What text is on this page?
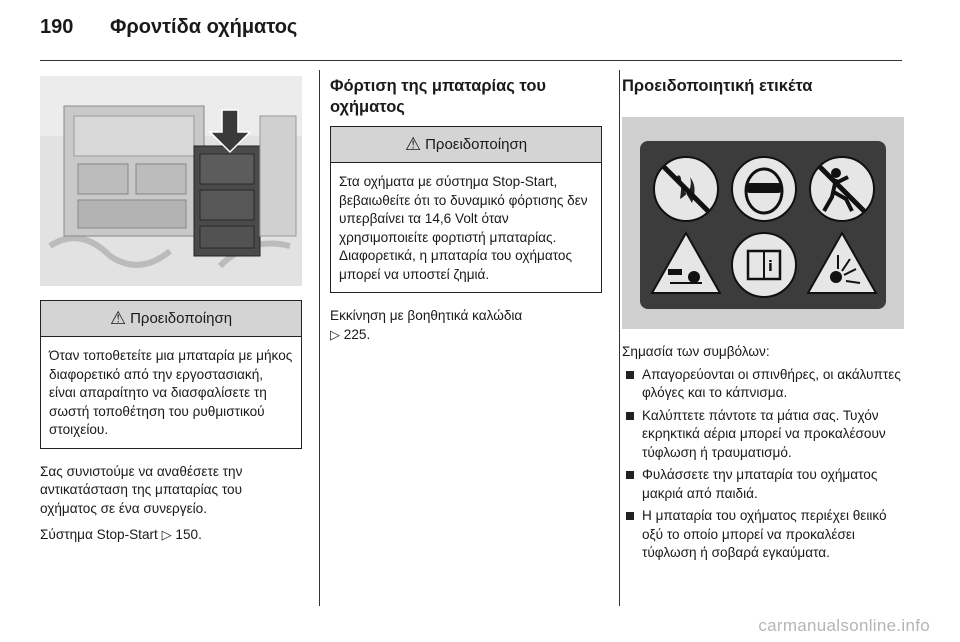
190	Φροντίδα οχήματος
⚠ Προειδοποίηση
Όταν τοποθετείτε μια μπαταρία με μήκος διαφορετικό από την εργοστασιακή, είναι απαραίτητο να διασφαλίσετε τη σωστή τοποθέτηση του ρυθμιστικού στοιχείου.

Σας συνιστούμε να αναθέσετε την αντικατάσταση της μπαταρίας του οχήματος σε ένα συνεργείο.

Σύστημα Stop-Start ▷ 150.

Φόρτιση της μπαταρίας του οχήματος
⚠ Προειδοποίηση
Στα οχήματα με σύστημα Stop-Start, βεβαιωθείτε ότι το δυναμικό φόρτισης δεν υπερβαίνει τα 14,6 Volt όταν χρησιμοποιείτε φορτιστή μπαταρίας. Διαφορετικά, η μπαταρία του οχήματος μπορεί να υποστεί ζημιά.

Εκκίνηση με βοηθητικά καλώδια
▷ 225.

Προειδοποιητική ετικέτα
i

Σημασία των συμβόλων:

Απαγορεύονται οι σπινθήρες, οι ακάλυπτες φλόγες και το κάπνισμα.
Καλύπτετε πάντοτε τα μάτια σας. Τυχόν εκρηκτικά αέρια μπορεί να προκαλέσουν τύφλωση ή τραυματισμό.
Φυλάσσετε την μπαταρία του οχήματος μακριά από παιδιά.
Η μπαταρία του οχήματος περιέχει θειικό οξύ το οποίο μπορεί να προκαλέσει τύφλωση ή σοβαρά εγκαύματα.
carmanualsonline.info
